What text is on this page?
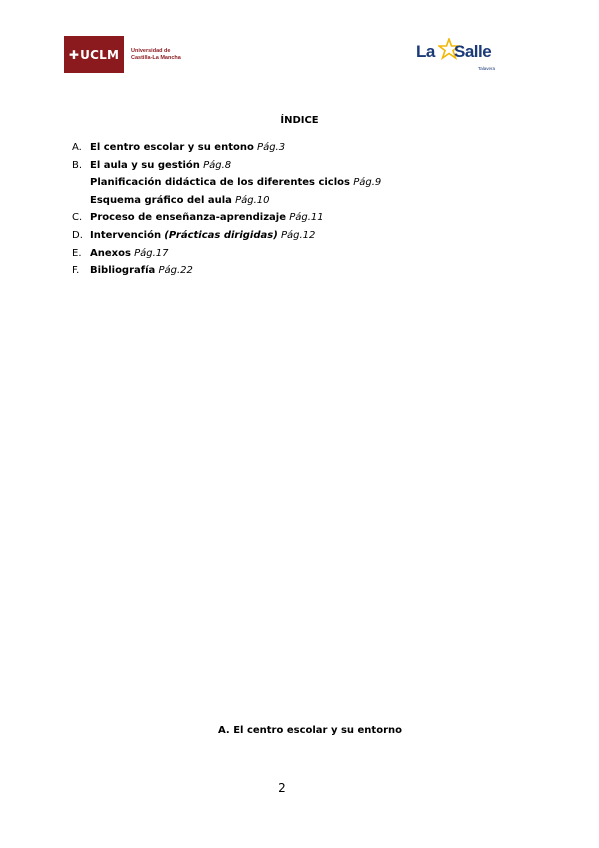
✚ UCLM Universidad de
Castilla-La Mancha	La Salle
Talavera
ÍNDICE
A. El centro escolar y su entono Pág.3
B. El aula y su gestión Pág.8
Planificación didáctica de los diferentes ciclos Pág.9
Esquema gráfico del aula Pág.10
C. Proceso de enseñanza-aprendizaje Pág.11
D. Intervención (Prácticas dirigidas) Pág.12
E. Anexos Pág.17
F. Bibliografía Pág.22
A. El centro escolar y su entorno
2
